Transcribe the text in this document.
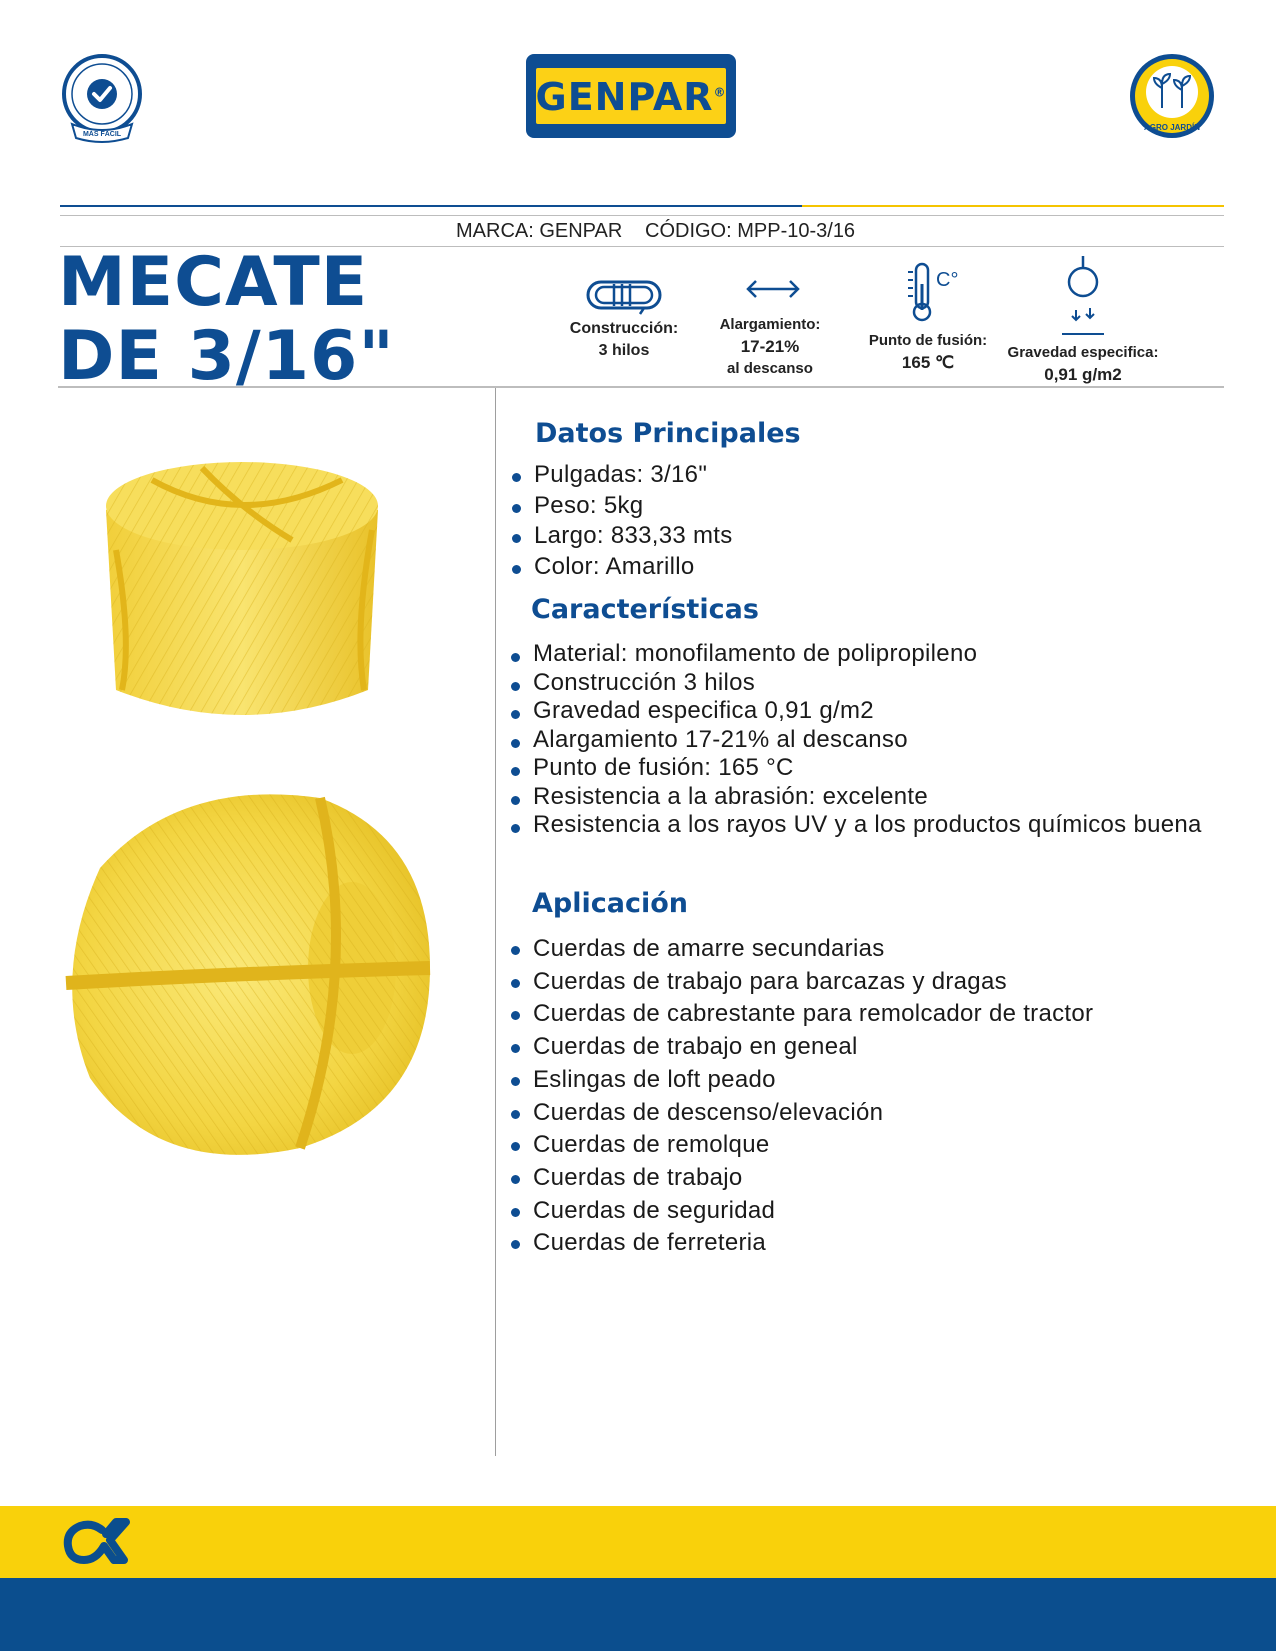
MÁS FÁCIL
GENPAR®
AGRO JARDÍN
MARCA: GENPAR CÓDIGO: MPP-10-3/16
MECATE
DE 3/16"	Construcción:
3 hilos
Alargamiento:
17-21%
al descanso
C°
Punto de fusión:
165 ℃
Gravedad especifica:
0,91 g/m2
Datos Principales
Pulgadas: 3/16"
Peso: 5kg
Largo: 833,33 mts
Color: Amarillo
Características
Material: monofilamento de polipropileno
Construcción 3 hilos
Gravedad especifica 0,91 g/m2
Alargamiento 17-21% al descanso
Punto de fusión: 165 °C
Resistencia a la abrasión: excelente
Resistencia a los rayos UV y a los productos químicos buena
Aplicación
Cuerdas de amarre secundarias
Cuerdas de trabajo para barcazas y dragas
Cuerdas de cabrestante para remolcador de tractor
Cuerdas de trabajo en geneal
Eslingas de loft peado
Cuerdas de descenso/elevación
Cuerdas de remolque
Cuerdas de trabajo
Cuerdas de seguridad
Cuerdas de ferreteria
